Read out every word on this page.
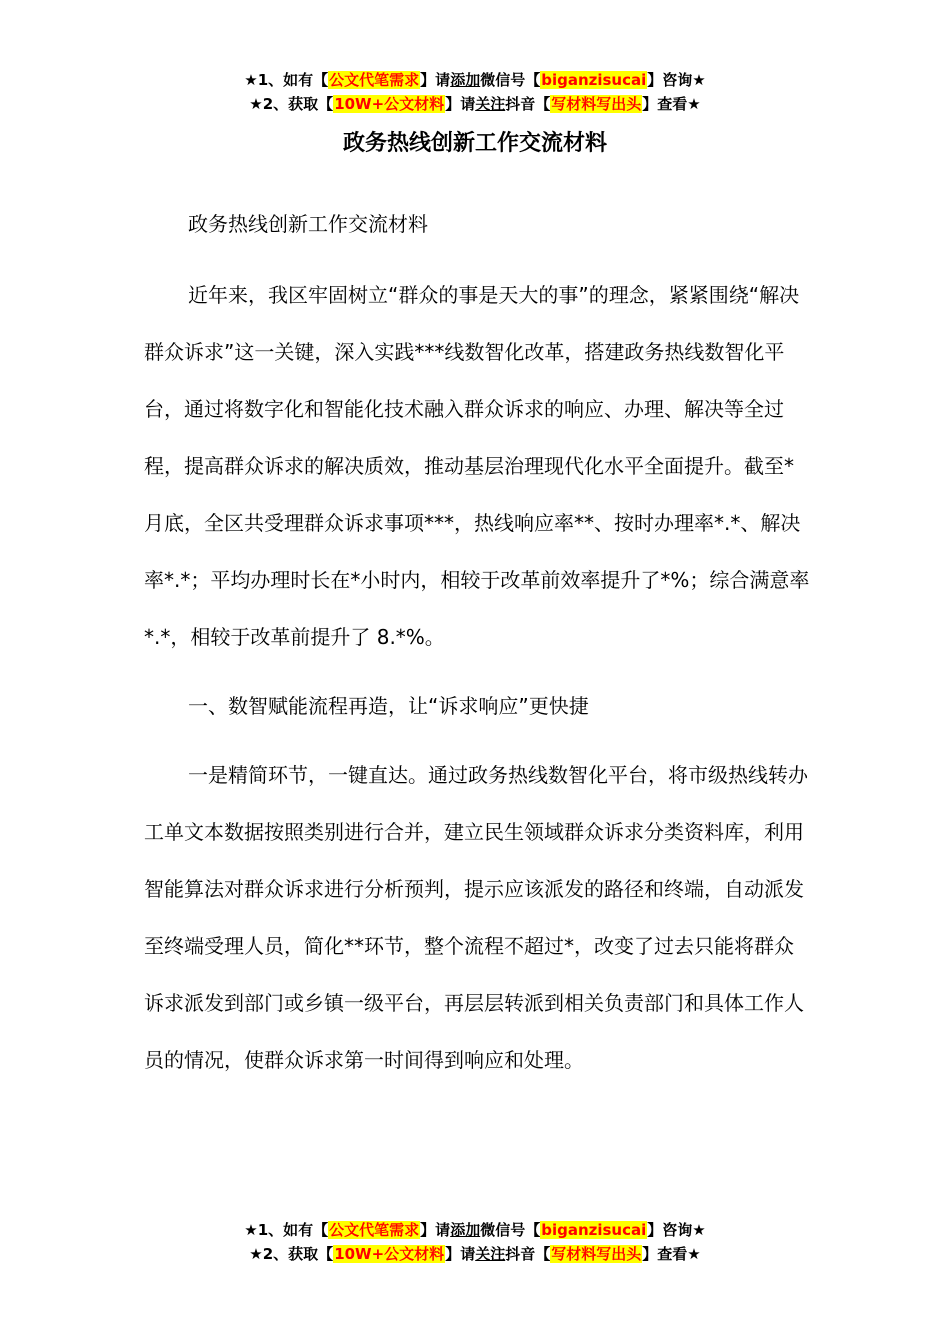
★1、如有【公文代笔需求】请添加微信号【biganzisucai】咨询★
★2、获取【10W+公文材料】请关注抖音【写材料写出头】查看★
政务热线创新工作交流材料

政务热线创新工作交流材料

近年来，我区牢固树立“群众的事是天大的事”的理念，紧紧围绕“解决群众诉求”这一关键，深入实践***线数智化改革，搭建政务热线数智化平台，通过将数字化和智能化技术融入群众诉求的响应、办理、解决等全过程，提高群众诉求的解决质效，推动基层治理现代化水平全面提升。截至*月底，全区共受理群众诉求事项***，热线响应率**、按时办理率*.*、解决率*.*；平均办理时长在*小时内，相较于改革前效率提升了*%；综合满意率*.*，相较于改革前提升了 8.*%。

一、数智赋能流程再造，让“诉求响应”更快捷

一是精简环节，一键直达。通过政务热线数智化平台，将市级热线转办工单文本数据按照类别进行合并，建立民生领域群众诉求分类资料库，利用智能算法对群众诉求进行分析预判，提示应该派发的路径和终端，自动派发至终端受理人员，简化**环节，整个流程不超过*，改变了过去只能将群众诉求派发到部门或乡镇一级平台，再层层转派到相关负责部门和具体工作人员的情况，使群众诉求第一时间得到响应和处理。

★1、如有【公文代笔需求】请添加微信号【biganzisucai】咨询★
★2、获取【10W+公文材料】请关注抖音【写材料写出头】查看★
